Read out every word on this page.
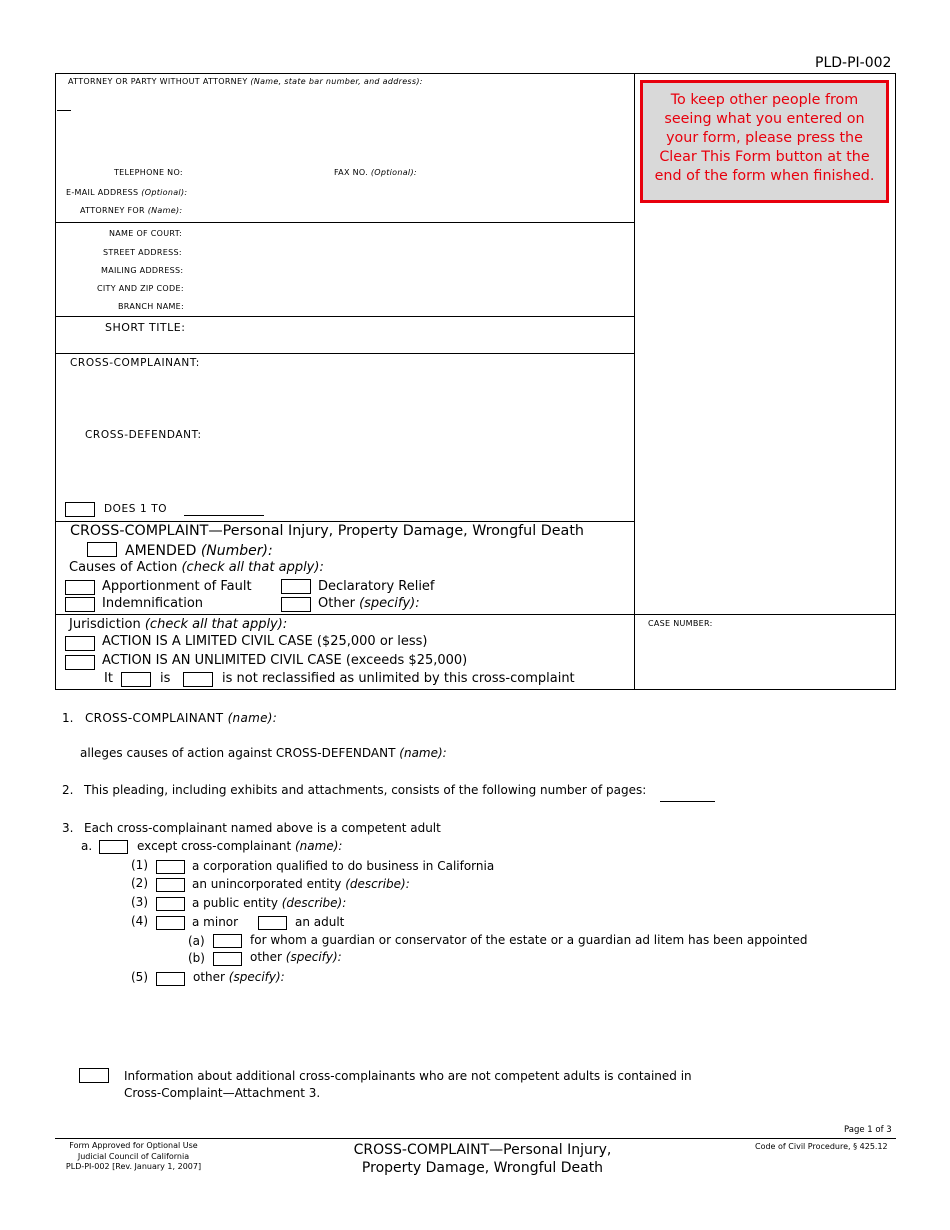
PLD-PI-002
ATTORNEY OR PARTY WITHOUT ATTORNEY (Name, state bar number, and address):
TELEPHONE NO:	FAX NO. (Optional):
E-MAIL ADDRESS (Optional):
ATTORNEY FOR (Name):
NAME OF COURT:
STREET ADDRESS:
MAILING ADDRESS:
CITY AND ZIP CODE:
BRANCH NAME:
SHORT TITLE:
CROSS-COMPLAINANT:
CROSS-DEFENDANT:
DOES 1 TO
To keep other people from seeing what you entered on your form, please press the Clear This Form button at the end of the form when finished.
CROSS-COMPLAINT—Personal Injury, Property Damage, Wrongful Death
AMENDED (Number):
Causes of Action (check all that apply):
Apportionment of Fault	Declaratory Relief
Indemnification	Other (specify):
Jurisdiction (check all that apply):
ACTION IS A LIMITED CIVIL CASE ($25,000 or less)
ACTION IS AN UNLIMITED CIVIL CASE (exceeds $25,000)
It	is	is not reclassified as unlimited by this cross-complaint
CASE NUMBER:
1. CROSS-COMPLAINANT (name):
alleges causes of action against CROSS-DEFENDANT (name):
2. This pleading, including exhibits and attachments, consists of the following number of pages:
3. Each cross-complainant named above is a competent adult
a.	except cross-complainant (name):
(1)	a corporation qualified to do business in California
(2)	an unincorporated entity (describe):
(3)	a public entity (describe):
(4)	a minor	an adult
(a)	for whom a guardian or conservator of the estate or a guardian ad litem has been appointed
(b)	other (specify):
(5)	other (specify):
Information about additional cross-complainants who are not competent adults is contained in
Cross-Complaint—Attachment 3.
Page 1 of 3
Form Approved for Optional Use
Judicial Council of California
PLD-PI-002 [Rev. January 1, 2007]
CROSS-COMPLAINT—Personal Injury,
Property Damage, Wrongful Death
Code of Civil Procedure, § 425.12
